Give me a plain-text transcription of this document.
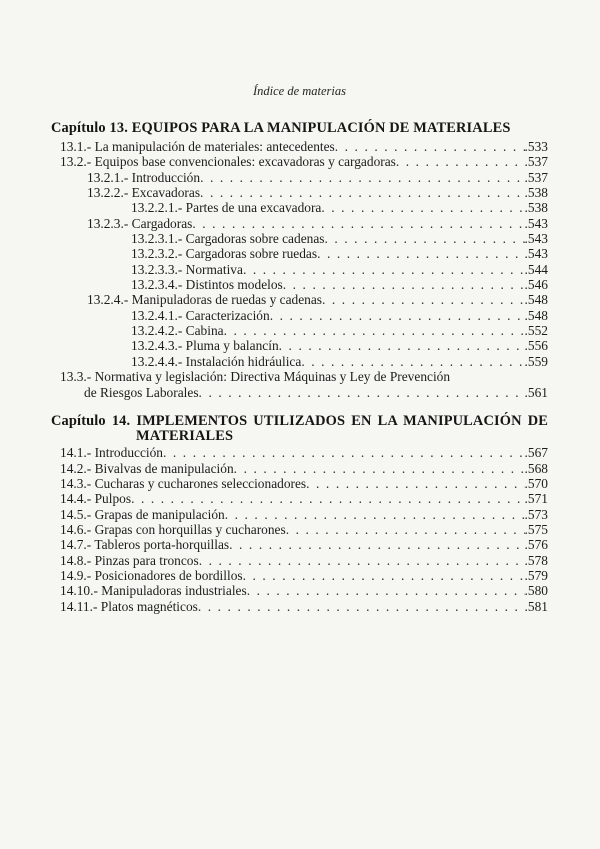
Índice de materias
Capítulo 13. EQUIPOS PARA LA MANIPULACIÓN DE MATERIALES
13.1.- La manipulación de materiales: antecedentes . . .	. 533
13.2.- Equipos base convencionales: excavadoras y cargadoras . . .	. 537
13.2.1.- Introducción . . .	. 537
13.2.2.- Excavadoras . . .	. 538
13.2.2.1.- Partes de una excavadora . . .	. 538
13.2.3.- Cargadoras . . .	. 543
13.2.3.1.- Cargadoras sobre cadenas . . .	. 543
13.2.3.2.- Cargadoras sobre ruedas . . .	. 543
13.2.3.3.- Normativa . . .	. 544
13.2.3.4.- Distintos modelos . . .	. 546
13.2.4.- Manipuladoras de ruedas y cadenas . . .	. 548
13.2.4.1.- Caracterización . . .	. 548
13.2.4.2.- Cabina . . .	. 552
13.2.4.3.- Pluma y balancín . . .	. 556
13.2.4.4.- Instalación hidráulica . . .	. 559
13.3.- Normativa y legislación: Directiva Máquinas y Ley de Prevención
de Riesgos Laborales . . .	. 561
Capítulo 14. IMPLEMENTOS UTILIZADOS EN LA MANIPULACIÓN DE
MATERIALES
14.1.- Introducción . . .	. 567
14.2.- Bivalvas de manipulación . . .	. 568
14.3.- Cucharas y cucharones seleccionadores . . .	. 570
14.4.- Pulpos . . .	. 571
14.5.- Grapas de manipulación . . .	. 573
14.6.- Grapas con horquillas y cucharones . . .	. 575
14.7.- Tableros porta-horquillas . . .	. 576
14.8.- Pinzas para troncos . . .	. 578
14.9.- Posicionadores de bordillos . . .	. 579
14.10.- Manipuladoras industriales . . .	. 580
14.11.- Platos magnéticos . . .	. 581
